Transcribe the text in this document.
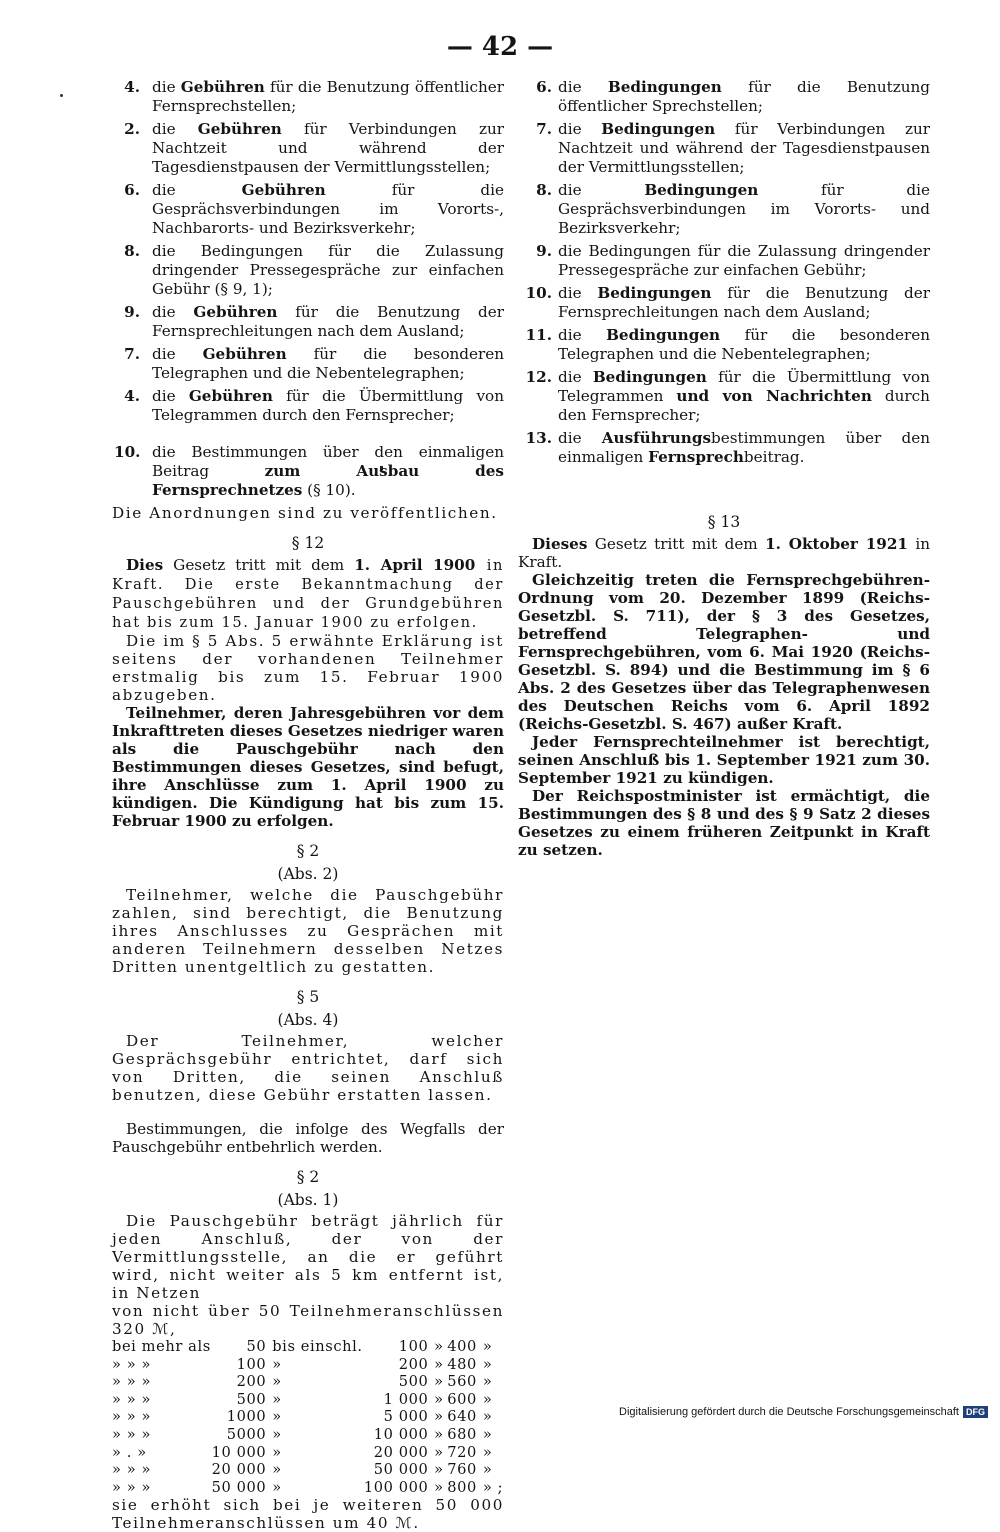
— 42 —
4. die Gebühren für die Benutzung öffentlicher Fernsprechstellen;
2. die Gebühren für Verbindungen zur Nachtzeit und während der Tagesdienstpausen der Vermittlungsstellen;
6. die Gebühren für die Gesprächsverbindungen im Vororts-, Nachbarorts- und Bezirksverkehr;
8. die Bedingungen für die Zulassung dringender Pressegespräche zur einfachen Gebühr (§ 9, 1);
9. die Gebühren für die Benutzung der Fernsprechleitungen nach dem Ausland;
7. die Gebühren für die besonderen Telegraphen und die Nebentelegraphen;
4. die Gebühren für die Übermittlung von Telegrammen durch den Fernsprecher;
10. die Bestimmungen über den einmaligen Beitrag zum Ausbau des Fernsprechnetzes (§ 10).
Die Anordnungen sind zu veröffentlichen.
§ 12

Dies Gesetz tritt mit dem 1. April 1900 in Kraft. Die erste Bekanntmachung der Pauschgebühren und der Grundgebühren hat bis zum 15. Januar 1900 zu erfolgen.

Die im § 5 Abs. 5 erwähnte Erklärung ist seitens der vorhandenen Teilnehmer erstmalig bis zum 15. Februar 1900 abzugeben.

Teilnehmer, deren Jahresgebühren vor dem Inkrafttreten dieses Gesetzes niedriger waren als die Pauschgebühr nach den Bestimmungen dieses Gesetzes, sind befugt, ihre Anschlüsse zum 1. April 1900 zu kündigen. Die Kündigung hat bis zum 15. Februar 1900 zu erfolgen.

§ 2
(Abs. 2)

Teilnehmer, welche die Pauschgebühr zahlen, sind berechtigt, die Benutzung ihres Anschlusses zu Gesprächen mit anderen Teilnehmern desselben Netzes Dritten unentgeltlich zu gestatten.

§ 5
(Abs. 4)

Der Teilnehmer, welcher Gesprächsgebühr entrichtet, darf sich von Dritten, die seinen Anschluß benutzen, diese Gebühr erstatten lassen.

Bestimmungen, die infolge des Wegfalls der Pauschgebühr entbehrlich werden.

§ 2
(Abs. 1)

Die Pauschgebühr beträgt jährlich für jeden Anschluß, der von der Vermittlungsstelle, an die er geführt wird, nicht weiter als 5 km entfernt ist, in Netzen

von nicht über 50 Teilnehmeranschlüssen 320 ℳ,
bei mehr als	50	bis einschl.	100	»	400	»
» » »	100	»	200	»	480	»
» » »	200	»	500	»	560	»
» » »	500	»	1 000	»	600	»
» » »	1000	»	5 000	»	640	»
» » »	5000	»	10 000	»	680	»
» . »	10 000	»	20 000	»	720	»
» » »	20 000	»	50 000	»	760	»
» » »	50 000	»	100 000	»	800	» ;

sie erhöht sich bei je weiteren 50 000 Teilnehmeranschlüssen um 40 ℳ.

6. die Bedingungen für die Benutzung öffentlicher Sprechstellen;
7. die Bedingungen für Verbindungen zur Nachtzeit und während der Tagesdienstpausen der Vermittlungsstellen;
8. die Bedingungen für die Gesprächsverbindungen im Vororts- und Bezirksverkehr;
9. die Bedingungen für die Zulassung dringender Pressegespräche zur einfachen Gebühr;
10. die Bedingungen für die Benutzung der Fernsprechleitungen nach dem Ausland;
11. die Bedingungen für die besonderen Telegraphen und die Nebentelegraphen;
12. die Bedingungen für die Übermittlung von Telegrammen und von Nachrichten durch den Fernsprecher;
13. die Ausführungsbestimmungen über den einmaligen Fernsprechbeitrag.
§ 13

Dieses Gesetz tritt mit dem 1. Oktober 1921 in Kraft.

Gleichzeitig treten die Fernsprechgebühren-Ordnung vom 20. Dezember 1899 (Reichs-Gesetzbl. S. 711), der § 3 des Gesetzes, betreffend Telegraphen- und Fernsprechgebühren, vom 6. Mai 1920 (Reichs-Gesetzbl. S. 894) und die Bestimmung im § 6 Abs. 2 des Gesetzes über das Telegraphenwesen des Deutschen Reichs vom 6. April 1892 (Reichs-Gesetzbl. S. 467) außer Kraft.

Jeder Fernsprechteilnehmer ist berechtigt, seinen Anschluß bis 1. September 1921 zum 30. September 1921 zu kündigen.

Der Reichspostminister ist ermächtigt, die Bestimmungen des § 8 und des § 9 Satz 2 dieses Gesetzes zu einem früheren Zeitpunkt in Kraft zu setzen.

Digitalisierung gefördert durch die Deutsche Forschungsgemeinschaft DFG
